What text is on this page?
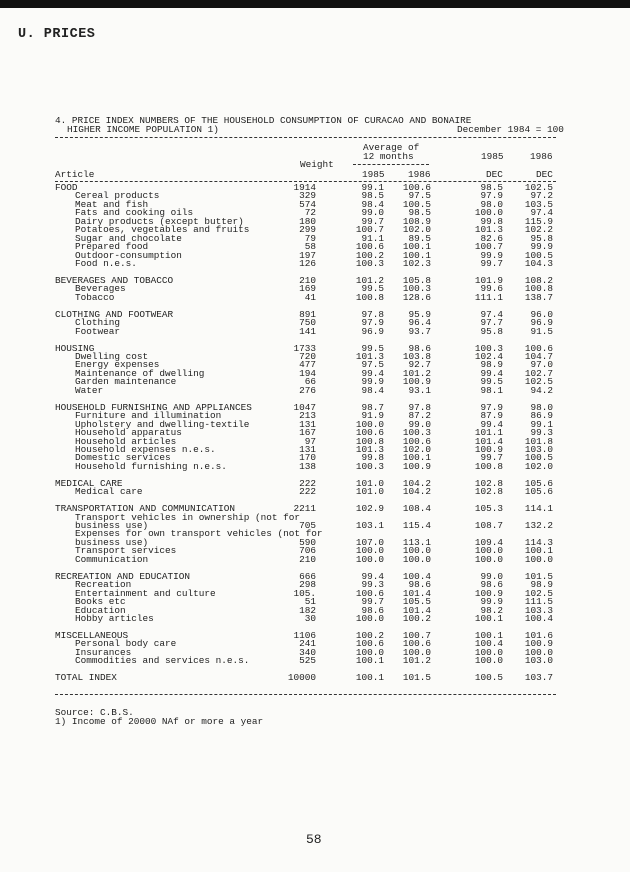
U. PRICES
4. PRICE INDEX NUMBERS OF THE HOUSEHOLD CONSUMPTION OF CURACAO AND BONAIRE
HIGHER INCOME POPULATION 1)	December 1984 = 100
Average of
12 months	1985	1986
Weight
Article	1985 1986	DEC	DEC
FOOD	1914	99.1 100.6	98.5 102.5
Cereal products	329	98.5	97.5	97.9	97.2
Meat and fish	574	98.4 100.5	98.0 103.5
Fats and cooking oils	72	99.0	98.5	100.0	97.4
Dairy products (except butter)	180	99.7 108.9	99.8 115.9
Potatoes, vegetables and fruits	299	100.7 102.0	101.3 102.2
Sugar and chocolate	79	91.1	89.5	82.6	95.8
Prepared food	58	100.6 100.1	100.7	99.9
Outdoor-consumption	197	100.2 100.1	99.9 100.5
Food n.e.s.	126	100.3 102.3	99.7 104.3
BEVERAGES AND TOBACCO	210	101.2 105.8	101.9 108.2
Beverages	169	99.5 100.3	99.6 100.8
Tobacco	41	100.8 128.6	111.1 138.7
CLOTHING AND FOOTWEAR	891	97.8	95.9	97.4	96.0
Clothing	750	97.9	96.4	97.7	96.9
Footwear	141	96.9	93.7	95.8	91.5
HOUSING	1733	99.5	98.6	100.3 100.6
Dwelling cost	720	101.3 103.8	102.4 104.7
Energy expenses	477	97.5	92.7	98.9	97.0
Maintenance of dwelling	194	99.4 101.2	99.4 102.7
Garden maintenance	66	99.9 100.9	99.5 102.5
Water	276	98.4	93.1	98.1	94.2
HOUSEHOLD FURNISHING AND APPLIANCES	1047	98.7	97.8	97.9	98.0
Furniture and illumination	213	91.9	87.2	87.9	86.9
Upholstery and dwelling-textile	131	100.0	99.0	99.4	99.1
Household apparatus	167	100.6 100.3	101.1	99.3
Household articles	97	100.8 100.6	101.4 101.8
Household expenses n.e.s.	131	101.3 102.0	100.9 103.0
Domestic services	170	99.8 100.1	99.7 100.5
Household furnishing n.e.s.	138	100.3 100.9	100.8 102.0
MEDICAL CARE	222	101.0 104.2	102.8 105.6
Medical care	222	101.0 104.2	102.8 105.6
TRANSPORTATION AND COMMUNICATION	2211	102.9 108.4	105.3 114.1
Transport vehicles in ownership (not for
business use)	705	103.1 115.4	108.7 132.2
Expenses for own transport vehicles (not for
business use)	590	107.0 113.1	109.4 114.3
Transport services	706	100.0 100.0	100.0 100.1
Communication	210	100.0 100.0	100.0 100.0
RECREATION AND EDUCATION	666	99.4 100.4	99.0 101.5
Recreation	298	99.3	98.6	98.6	98.9
Entertainment and culture	105.	100.6 101.4	100.9 102.5
Books etc	51	99.7 105.5	99.9 111.5
Education	182	98.6 101.4	98.2 103.3
Hobby articles	30	100.0 100.2	100.1 100.4
MISCELLANEOUS	1106	100.2 100.7	100.1 101.6
Personal body care	241	100.6 100.6	100.4 100.9
Insurances	340	100.0 100.0	100.0 100.0
Commodities and services n.e.s.	525	100.1 101.2	100.0 103.0
TOTAL INDEX	10000	100.1 101.5	100.5 103.7
Source: C.B.S.
1) Income of 20000 NAf or more a year
58
